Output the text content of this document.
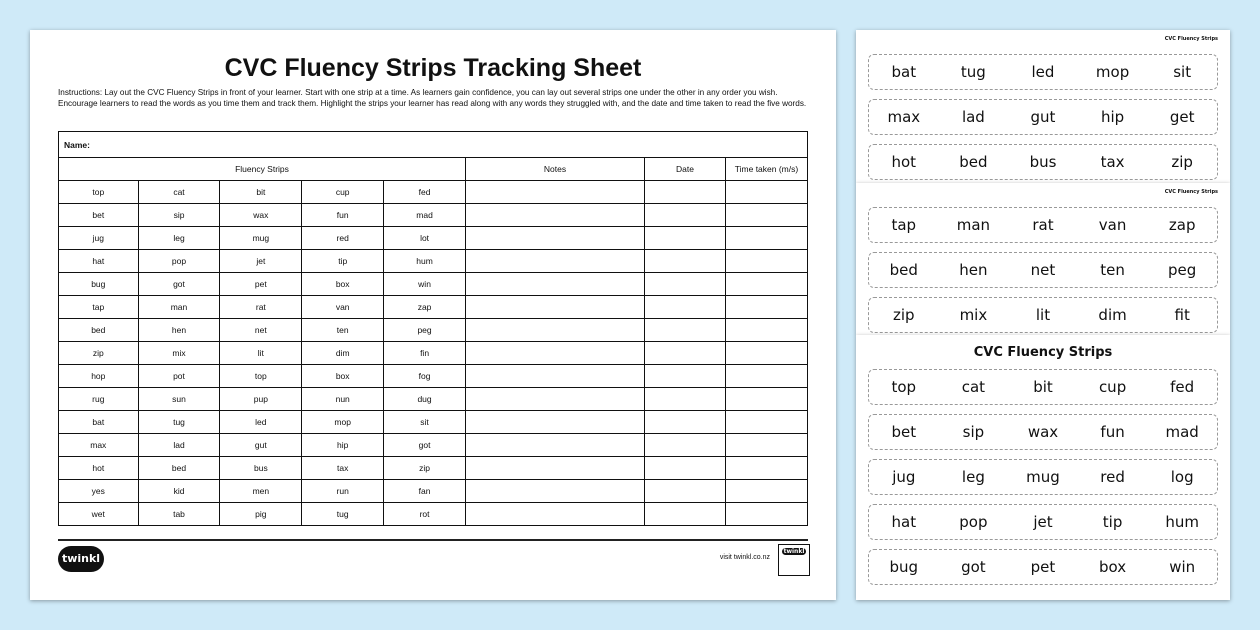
CVC Fluency Strips Tracking Sheet
Instructions: Lay out the CVC Fluency Strips in front of your learner. Start with one strip at a time. As learners gain confidence, you can lay out several strips one under the other in any order you wish. Encourage learners to read the words as you time them and track them. Highlight the strips your learner has read along with any words they struggled with, and the date and time taken to read the five words.
Name:							
Fluency Strips					Notes	Date	Time taken (m/s)
top	cat	bit	cup	fed			
bet	sip	wax	fun	mad			
jug	leg	mug	red	lot			
hat	pop	jet	tip	hum			
bug	got	pet	box	win			
tap	man	rat	van	zap			
bed	hen	net	ten	peg			
zip	mix	lit	dim	fin			
hop	pot	top	box	fog			
rug	sun	pup	nun	dug			
bat	tug	led	mop	sit			
max	lad	gut	hip	got			
hot	bed	bus	tax	zip			
yes	kid	men	run	fan			
wet	tab	pig	tug	rot			
twinkl	visit twinkl.co.nz
twinkl
CVC Fluency Strips
bat	tug	led	mop	sit
max	lad	gut	hip	get
hot	bed	bus	tax	zip
CVC Fluency Strips
tap	man	rat	van	zap
bed	hen	net	ten	peg
zip	mix	lit	dim	fit
CVC Fluency Strips
top	cat	bit	cup	fed
bet	sip	wax	fun	mad
jug	leg	mug	red	log
hat	pop	jet	tip	hum
bug	got	pet	box	win
